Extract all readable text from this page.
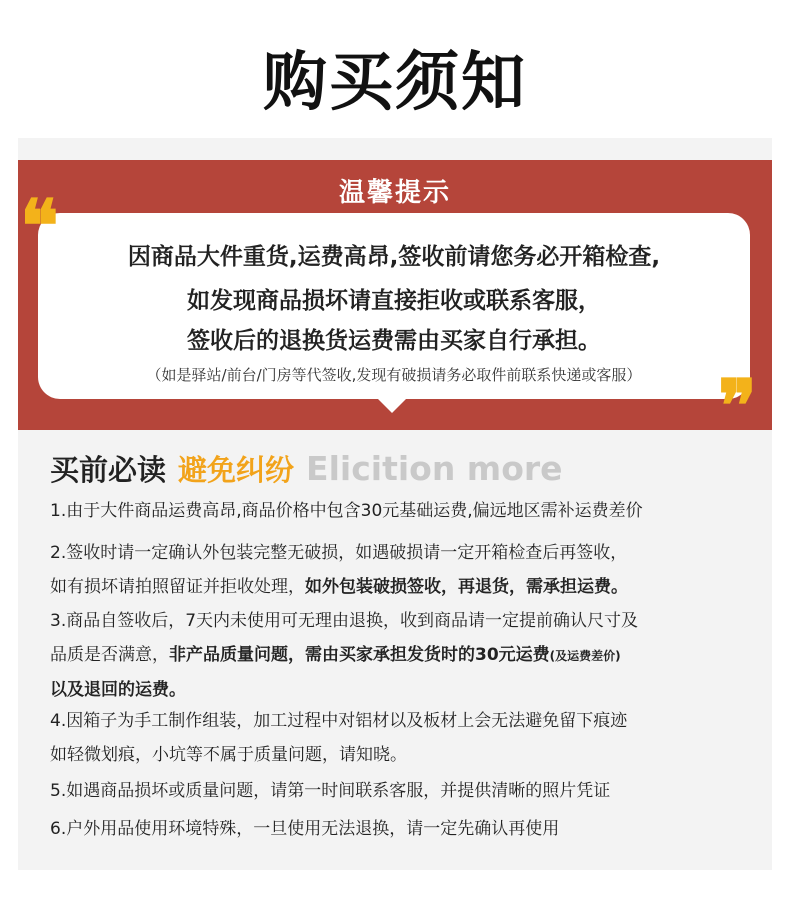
购买须知
温馨提示
❝
❞
因商品大件重货,运费高昂,签收前请您务必开箱检查,
如发现商品损坏请直接拒收或联系客服，
签收后的退换货运费需由买家自行承担。
（如是驿站/前台/门房等代签收,发现有破损请务必取件前联系快递或客服）
买前必读 避免纠纷 Elicition more
1.由于大件商品运费高昂,商品价格中包含30元基础运费,偏远地区需补运费差价
2.签收时请一定确认外包装完整无破损，如遇破损请一定开箱检查后再签收，
如有损坏请拍照留证并拒收处理，如外包装破损签收，再退货，需承担运费。
3.商品自签收后，7天内未使用可无理由退换，收到商品请一定提前确认尺寸及
品质是否满意，非产品质量问题，需由买家承担发货时的30元运费(及运费差价)
以及退回的运费。
4.因箱子为手工制作组装，加工过程中对铝材以及板材上会无法避免留下痕迹
如轻微划痕，小坑等不属于质量问题，请知晓。
5.如遇商品损坏或质量问题，请第一时间联系客服，并提供清晰的照片凭证
6.户外用品使用环境特殊，一旦使用无法退换，请一定先确认再使用
